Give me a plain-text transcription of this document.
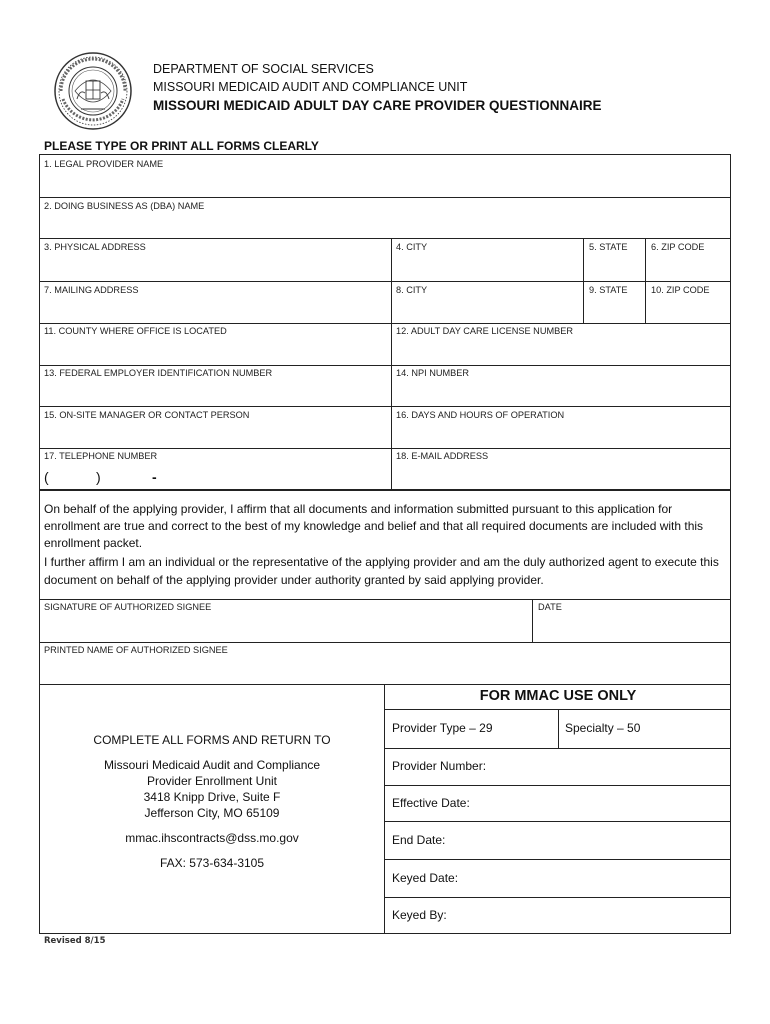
DEPARTMENT OF SOCIAL SERVICES
MISSOURI MEDICAID AUDIT AND COMPLIANCE UNIT
MISSOURI MEDICAID ADULT DAY CARE PROVIDER QUESTIONNAIRE
PLEASE TYPE OR PRINT ALL FORMS CLEARLY
1. LEGAL PROVIDER NAME
2. DOING BUSINESS AS (DBA) NAME
3. PHYSICAL ADDRESS	4. CITY	5. STATE	6. ZIP CODE
7. MAILING ADDRESS	8. CITY	9. STATE	10. ZIP CODE
11. COUNTY WHERE OFFICE IS LOCATED	12. ADULT DAY CARE LICENSE NUMBER
13. FEDERAL EMPLOYER IDENTIFICATION NUMBER	14. NPI NUMBER
15. ON-SITE MANAGER OR CONTACT PERSON	16. DAYS AND HOURS OF OPERATION
17. TELEPHONE NUMBER	18. E-MAIL ADDRESS
(	)	-
On behalf of the applying provider, I affirm that all documents and information submitted pursuant to this application for enrollment are true and correct to the best of my knowledge and belief and that all required documents are included with this enrollment packet.
I further affirm I am an individual or the representative of the applying provider and am the duly authorized agent to execute this document on behalf of the applying provider under authority granted by said applying provider.
SIGNATURE OF AUTHORIZED SIGNEE	DATE
PRINTED NAME OF AUTHORIZED SIGNEE
COMPLETE ALL FORMS AND RETURN TO
Missouri Medicaid Audit and Compliance
Provider Enrollment Unit
3418 Knipp Drive, Suite F
Jefferson City, MO 65109
mmac.ihscontracts@dss.mo.gov
FAX: 573-634-3105
FOR MMAC USE ONLY
Provider Type – 29	Specialty – 50
Provider Number:
Effective Date:
End Date:
Keyed Date:
Keyed By:
Revised 8/15
